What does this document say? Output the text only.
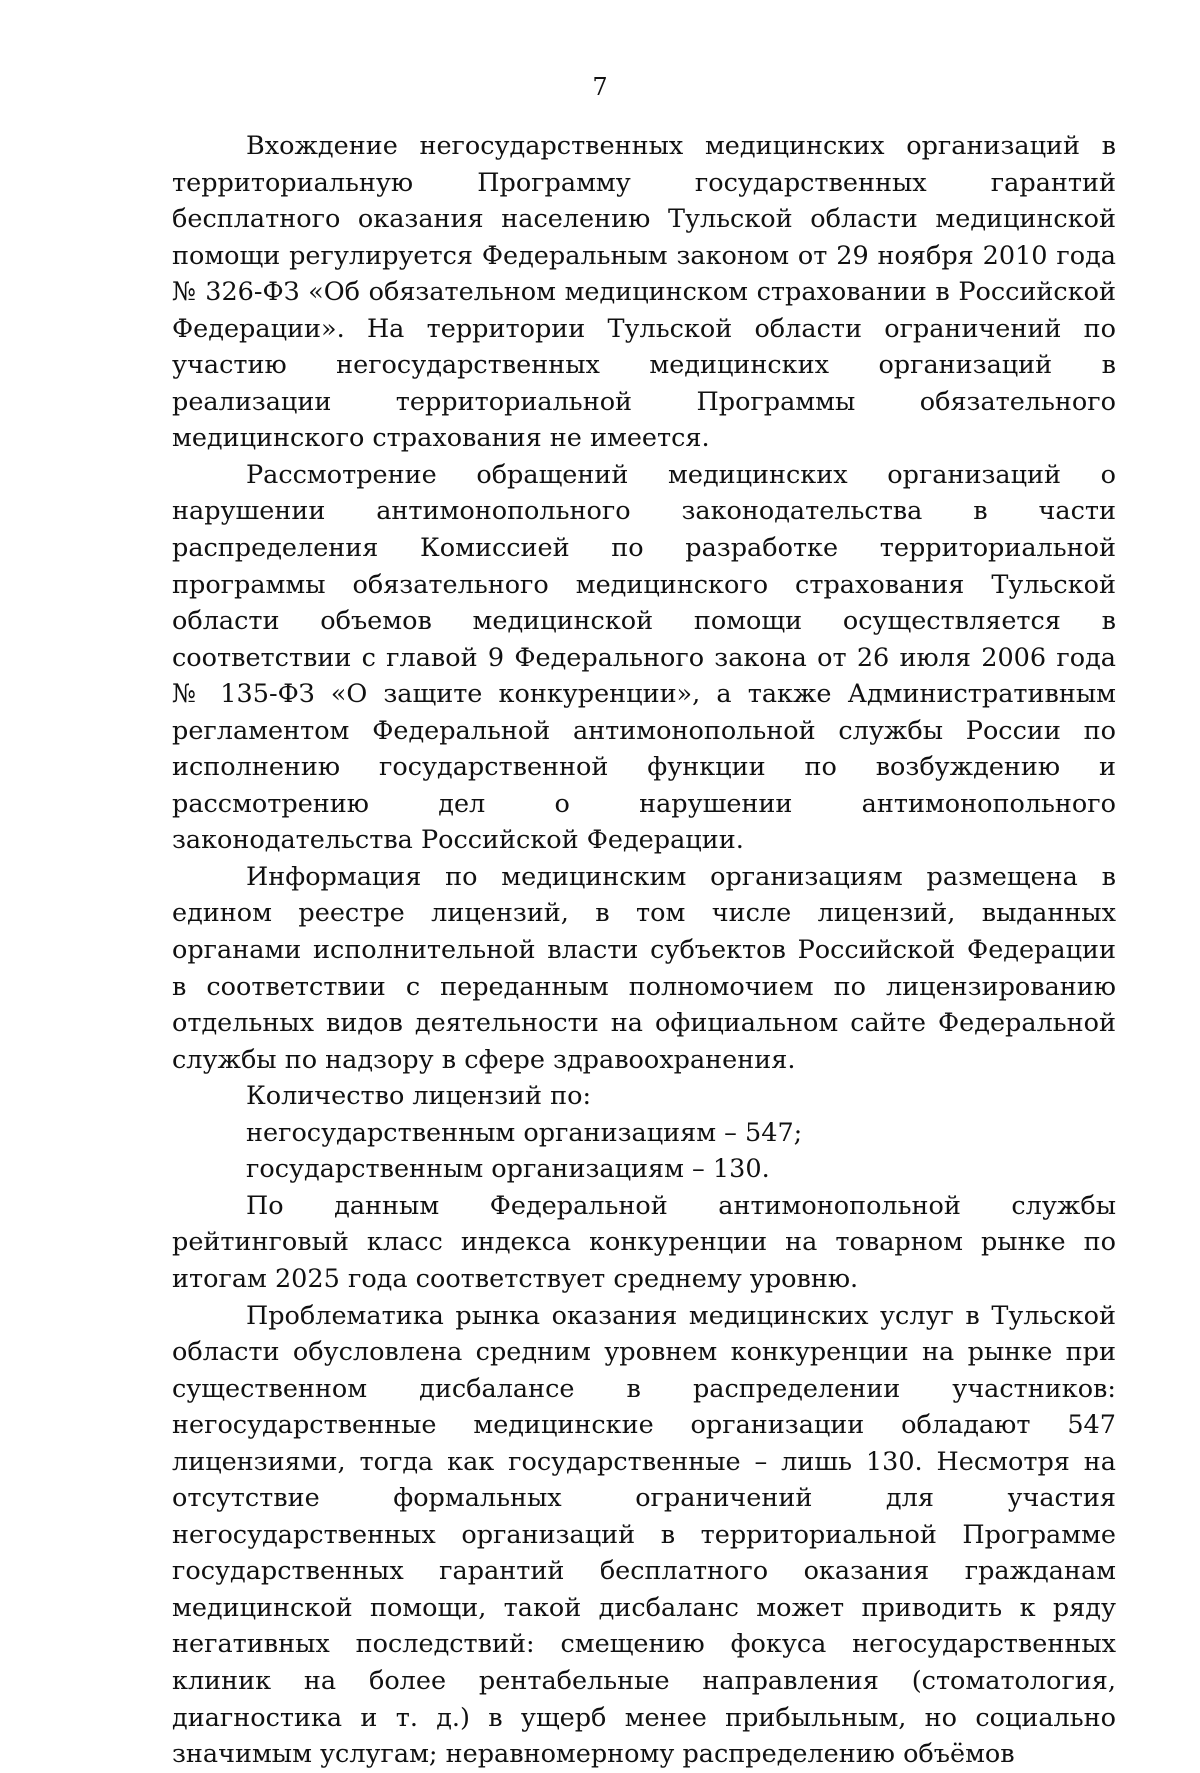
7

Вхождение негосударственных медицинских организаций в территориальную Программу государственных гарантий бесплатного оказания населению Тульской области медицинской помощи регулируется Федеральным законом от 29 ноября 2010 года № 326-ФЗ «Об обязательном медицинском страховании в Российской Федерации». На территории Тульской области ограничений по участию негосударственных медицинских организаций в реализации территориальной Программы обязательного медицинского страхования не имеется.

Рассмотрение обращений медицинских организаций о нарушении антимонопольного законодательства в части распределения Комиссией по разработке территориальной программы обязательного медицинского страхования Тульской области объемов медицинской помощи осуществляется в соответствии с главой 9 Федерального закона от 26 июля 2006 года № 135-ФЗ «О защите конкуренции», а также Административным регламентом Федеральной антимонопольной службы России по исполнению государственной функции по возбуждению и рассмотрению дел о нарушении антимонопольного законодательства Российской Федерации.

Информация по медицинским организациям размещена в едином реестре лицензий, в том числе лицензий, выданных органами исполнительной власти субъектов Российской Федерации в соответствии с переданным полномочием по лицензированию отдельных видов деятельности на официальном сайте Федеральной службы по надзору в сфере здравоохранения.

Количество лицензий по:

негосударственным организациям – 547;

государственным организациям – 130.

По данным Федеральной антимонопольной службы рейтинговый класс индекса конкуренции на товарном рынке по итогам 2025 года соответствует среднему уровню.

Проблематика рынка оказания медицинских услуг в Тульской области обусловлена средним уровнем конкуренции на рынке при существенном дисбалансе в распределении участников: негосударственные медицинские организации обладают 547 лицензиями, тогда как государственные – лишь 130. Несмотря на отсутствие формальных ограничений для участия негосударственных организаций в территориальной Программе государственных гарантий бесплатного оказания гражданам медицинской помощи, такой дисбаланс может приводить к ряду негативных последствий: смещению фокуса негосударственных клиник на более рентабельные направления (стоматология, диагностика и т. д.) в ущерб менее прибыльным, но социально значимым услугам; неравномерному распределению объёмов
